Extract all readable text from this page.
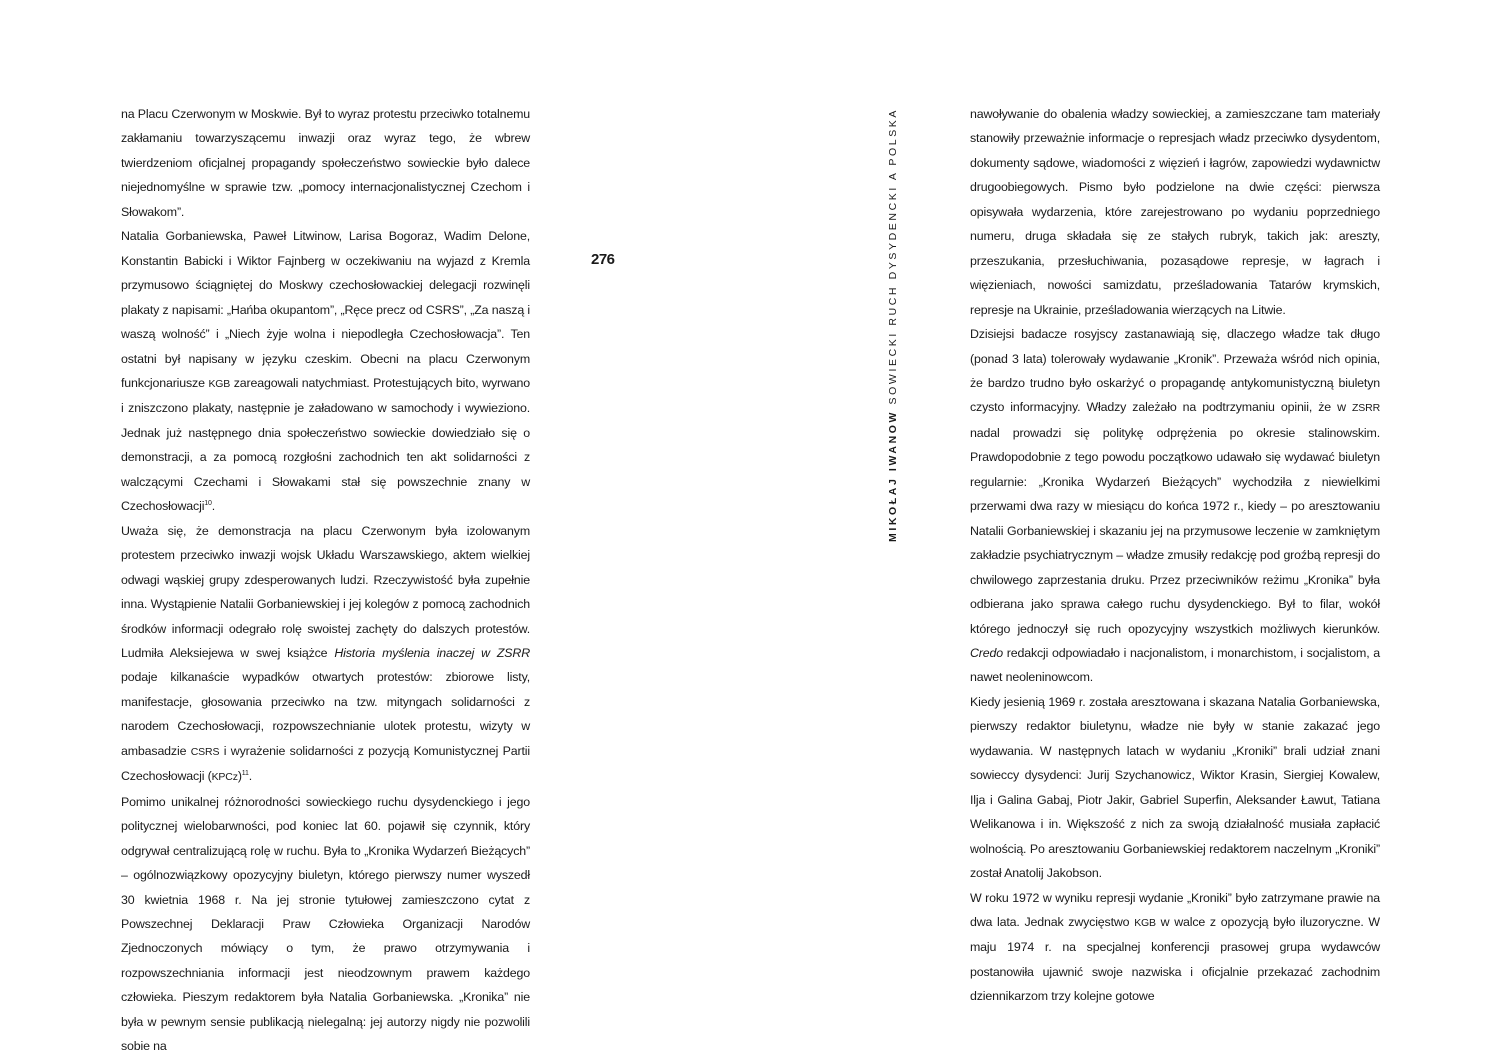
na Placu Czerwonym w Moskwie. Był to wyraz protestu przeciwko totalnemu zakłamaniu towarzyszącemu inwazji oraz wyraz tego, że wbrew twierdzeniom oficjalnej propagandy społeczeństwo sowieckie było dalece niejednomyślne w sprawie tzw. „pomocy internacjonalistycznej Czechom i Słowakom”.

Natalia Gorbaniewska, Paweł Litwinow, Larisa Bogoraz, Wadim Delone, Konstantin Babicki i Wiktor Fajnberg w oczekiwaniu na wyjazd z Kremla przymusowo ściągniętej do Moskwy czechosłowackiej delegacji rozwinęli plakaty z napisami: „Hańba okupantom”, „Ręce precz od CSRS”, „Za naszą i waszą wolność” i „Niech żyje wolna i niepodległa Czechosłowacja”. Ten ostatni był napisany w języku czeskim. Obecni na placu Czerwonym funkcjonariusze KGB zareagowali natychmiast. Protestujących bito, wyrwano i zniszczono plakaty, następnie je załadowano w samochody i wywieziono. Jednak już następnego dnia społeczeństwo sowieckie dowiedziało się o demonstracji, a za pomocą rozgłośni zachodnich ten akt solidarności z walczącymi Czechami i Słowakami stał się powszechnie znany w Czechosłowacji$^{10}$.

Uważa się, że demonstracja na placu Czerwonym była izolowanym protestem przeciwko inwazji wojsk Układu Warszawskiego, aktem wielkiej odwagi wąskiej grupy zdesperowanych ludzi. Rzeczywistość była zupełnie inna. Wystąpienie Natalii Gorbaniewskiej i jej kolegów z pomocą zachodnich środków informacji odegrało rolę swoistej zachęty do dalszych protestów. Ludmiła Aleksiejewa w swej książce Historia myślenia inaczej w ZSRR podaje kilkanaście wypadków otwartych protestów: zbiorowe listy, manifestacje, głosowania przeciwko na tzw. mityngach solidarności z narodem Czechosłowacji, rozpowszechnianie ulotek protestu, wizyty w ambasadzie CSRS i wyrażenie solidarności z pozycją Komunistycznej Partii Czechosłowacji (KPCz)$^{11}$.

Pomimo unikalnej różnorodności sowieckiego ruchu dysydenckiego i jego politycznej wielobarwności, pod koniec lat 60. pojawił się czynnik, który odgrywał centralizującą rolę w ruchu. Była to „Kronika Wydarzeń Bieżących” – ogólnozwiązkowy opozycyjny biuletyn, którego pierwszy numer wyszedł 30 kwietnia 1968 r. Na jej stronie tytułowej zamieszczono cytat z Powszechnej Deklaracji Praw Człowieka Organizacji Narodów Zjednoczonych mówiący o tym, że prawo otrzymywania i rozpowszechniania informacji jest nieodzownym prawem każdego człowieka. Pieszym redaktorem była Natalia Gorbaniewska. „Kronika” nie była w pewnym sensie publikacją nielegalną: jej autorzy nigdy nie pozwolili sobie na

276
MIKOŁAJ IWANOW SOWIECKI RUCH DYSYDENCKI A POLSKA	nawoływanie do obalenia władzy sowieckiej, a zamieszczane tam materiały stanowiły przeważnie informacje o represjach władz przeciwko dysydentom, dokumenty sądowe, wiadomości z więzień i łagrów, zapowiedzi wydawnictw drugoobiegowych. Pismo było podzielone na dwie części: pierwsza opisywała wydarzenia, które zarejestrowano po wydaniu poprzedniego numeru, druga składała się ze stałych rubryk, takich jak: areszty, przeszukania, przesłuchiwania, pozasądowe represje, w łagrach i więzieniach, nowości samizdatu, prześladowania Tatarów krymskich, represje na Ukrainie, prześladowania wierzących na Litwie.

Dzisiejsi badacze rosyjscy zastanawiają się, dlaczego władze tak długo (ponad 3 lata) tolerowały wydawanie „Kronik”. Przeważa wśród nich opinia, że bardzo trudno było oskarżyć o propagandę antykomunistyczną biuletyn czysto informacyjny. Władzy zależało na podtrzymaniu opinii, że w ZSRR nadal prowadzi się politykę odprężenia po okresie stalinowskim. Prawdopodobnie z tego powodu początkowo udawało się wydawać biuletyn regularnie: „Kronika Wydarzeń Bieżących” wychodziła z niewielkimi przerwami dwa razy w miesiącu do końca 1972 r., kiedy – po aresztowaniu Natalii Gorbaniewskiej i skazaniu jej na przymusowe leczenie w zamkniętym zakładzie psychiatrycznym – władze zmusiły redakcję pod groźbą represji do chwilowego zaprzestania druku. Przez przeciwników reżimu „Kronika” była odbierana jako sprawa całego ruchu dysydenckiego. Był to filar, wokół którego jednoczył się ruch opozycyjny wszystkich możliwych kierunków. Credo redakcji odpowiadało i nacjonalistom, i monarchistom, i socjalistom, a nawet neoleninowcom.

Kiedy jesienią 1969 r. została aresztowana i skazana Natalia Gorbaniewska, pierwszy redaktor biuletynu, władze nie były w stanie zakazać jego wydawania. W następnych latach w wydaniu „Kroniki” brali udział znani sowieccy dysydenci: Jurij Szychanowicz, Wiktor Krasin, Siergiej Kowalew, Ilja i Galina Gabaj, Piotr Jakir, Gabriel Superfin, Aleksander Ławut, Tatiana Welikanowa i in. Większość z nich za swoją działalność musiała zapłacić wolnością. Po aresztowaniu Gorbaniewskiej redaktorem naczelnym „Kroniki” został Anatolij Jakobson.

W roku 1972 w wyniku represji wydanie „Kroniki” było zatrzymane prawie na dwa lata. Jednak zwycięstwo KGB w walce z opozycją było iluzoryczne. W maju 1974 r. na specjalnej konferencji prasowej grupa wydawców postanowiła ujawnić swoje nazwiska i oficjalnie przekazać zachodnim dziennikarzom trzy kolejne gotowe
